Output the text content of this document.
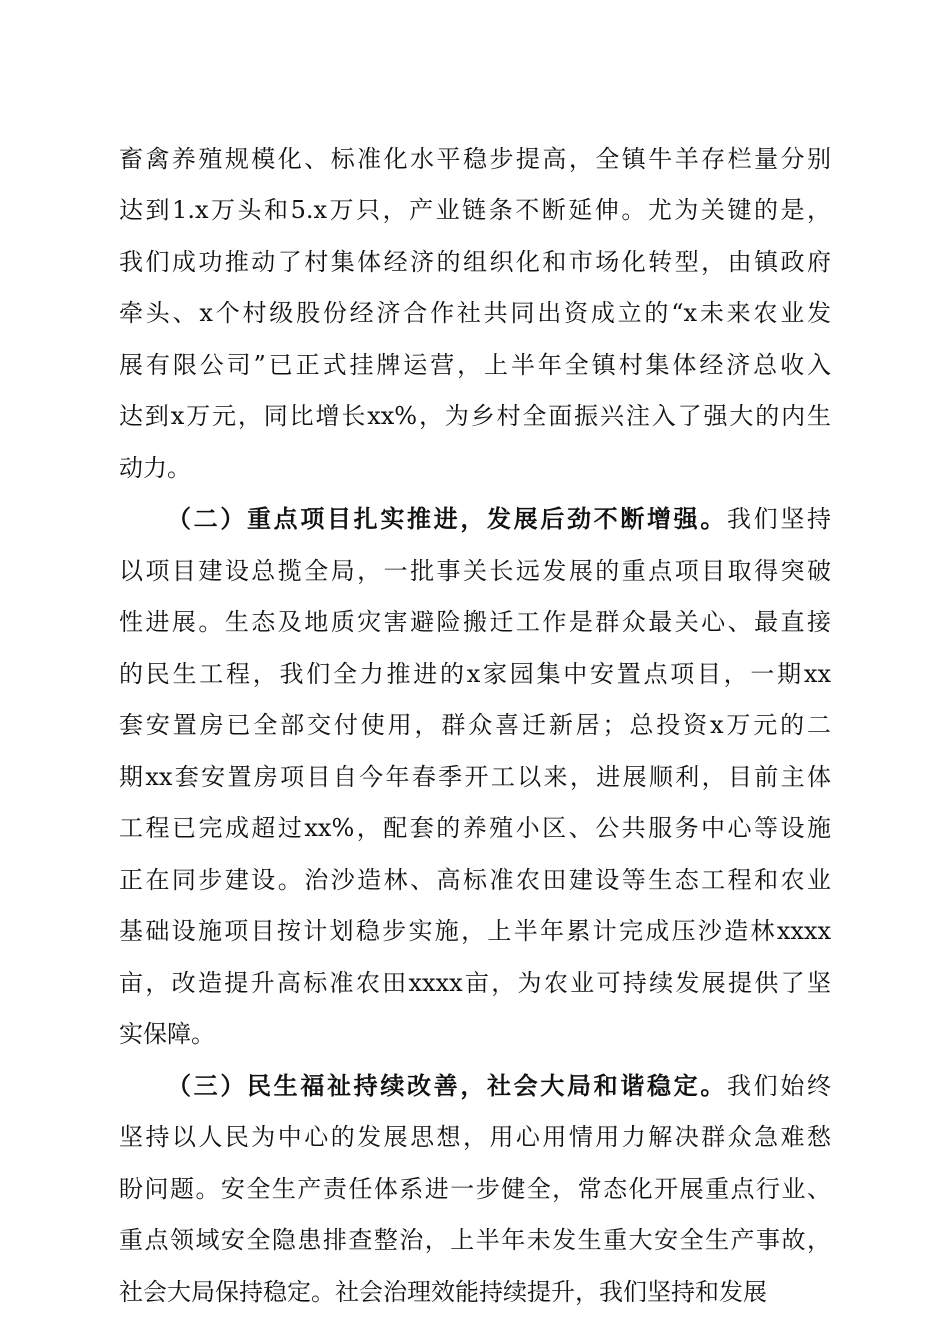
畜禽养殖规模化、标准化水平稳步提高，全镇牛羊存栏量分别
达到1.x万头和5.x万只，产业链条不断延伸。尤为关键的是，
我们成功推动了村集体经济的组织化和市场化转型，由镇政府
牵头、x个村级股份经济合作社共同出资成立的“x未来农业发
展有限公司”已正式挂牌运营，上半年全镇村集体经济总收入
达到x万元，同比增长xx%，为乡村全面振兴注入了强大的内生
动力。
（二）重点项目扎实推进，发展后劲不断增强。我们坚持
以项目建设总揽全局，一批事关长远发展的重点项目取得突破
性进展。生态及地质灾害避险搬迁工作是群众最关心、最直接
的民生工程，我们全力推进的x家园集中安置点项目，一期xx
套安置房已全部交付使用，群众喜迁新居；总投资x万元的二
期xx套安置房项目自今年春季开工以来，进展顺利，目前主体
工程已完成超过xx%，配套的养殖小区、公共服务中心等设施
正在同步建设。治沙造林、高标准农田建设等生态工程和农业
基础设施项目按计划稳步实施，上半年累计完成压沙造林xxxx
亩，改造提升高标准农田xxxx亩，为农业可持续发展提供了坚
实保障。
（三）民生福祉持续改善，社会大局和谐稳定。我们始终
坚持以人民为中心的发展思想，用心用情用力解决群众急难愁
盼问题。安全生产责任体系进一步健全，常态化开展重点行业、
重点领域安全隐患排查整治，上半年未发生重大安全生产事故，
社会大局保持稳定。社会治理效能持续提升，我们坚持和发展
